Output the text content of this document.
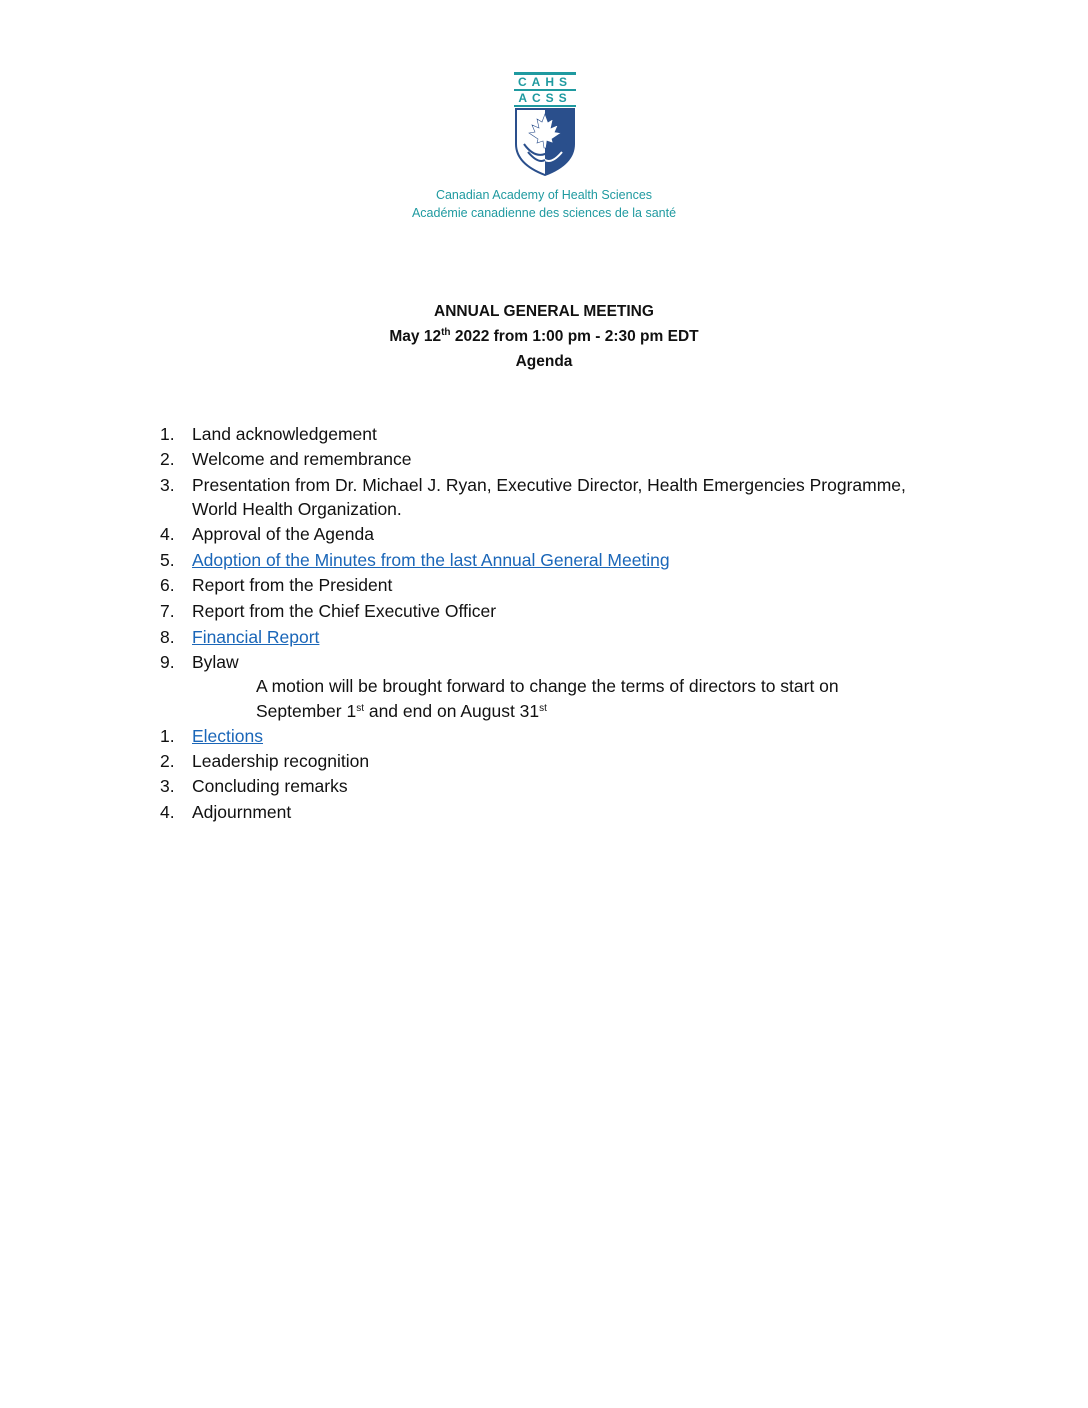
CAHS
ACSS
Canadian Academy of Health Sciences
Académie canadienne des sciences de la santé
ANNUAL GENERAL MEETING
May 12th 2022 from 1:00 pm - 2:30 pm EDT
Agenda
1. Land acknowledgement
2. Welcome and remembrance
3. Presentation from Dr. Michael J. Ryan, Executive Director, Health Emergencies Programme,
World Health Organization.
4. Approval of the Agenda
5. Adoption of the Minutes from the last Annual General Meeting
6. Report from the President
7. Report from the Chief Executive Officer
8. Financial Report
9. Bylaw
A motion will be brought forward to change the terms of directors to start on
September 1st and end on August 31st
1. Elections
2. Leadership recognition
3. Concluding remarks
4. Adjournment
